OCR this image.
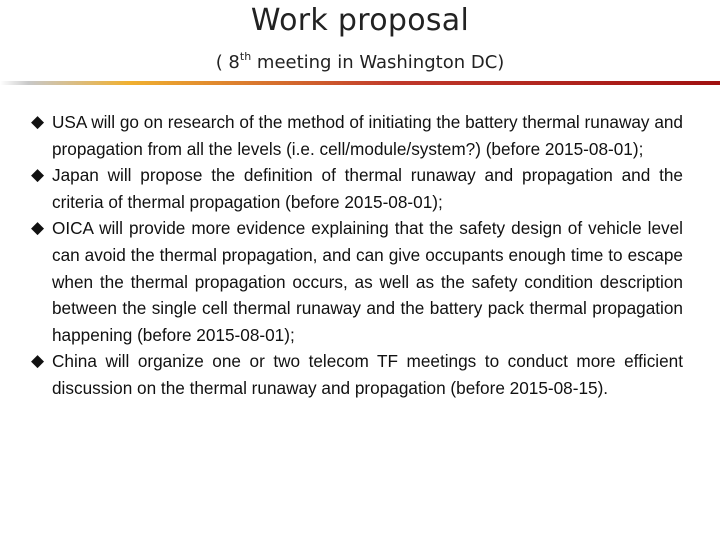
Work proposal
( 8th meeting in Washington DC)

◆ USA will go on research of the method of initiating the battery thermal runaway and propagation from all the levels (i.e. cell/module/system?) (before 2015-08-01);

◆ Japan will propose the definition of thermal runaway and propagation and the criteria of thermal propagation (before 2015-08-01);

◆ OICA will provide more evidence explaining that the safety design of vehicle level can avoid the thermal propagation, and can give occupants enough time to escape when the thermal propagation occurs, as well as the safety condition description between the single cell thermal runaway and the battery pack thermal propagation happening (before 2015-08-01);

◆ China will organize one or two telecom TF meetings to conduct more efficient discussion on the thermal runaway and propagation (before 2015-08-15).
